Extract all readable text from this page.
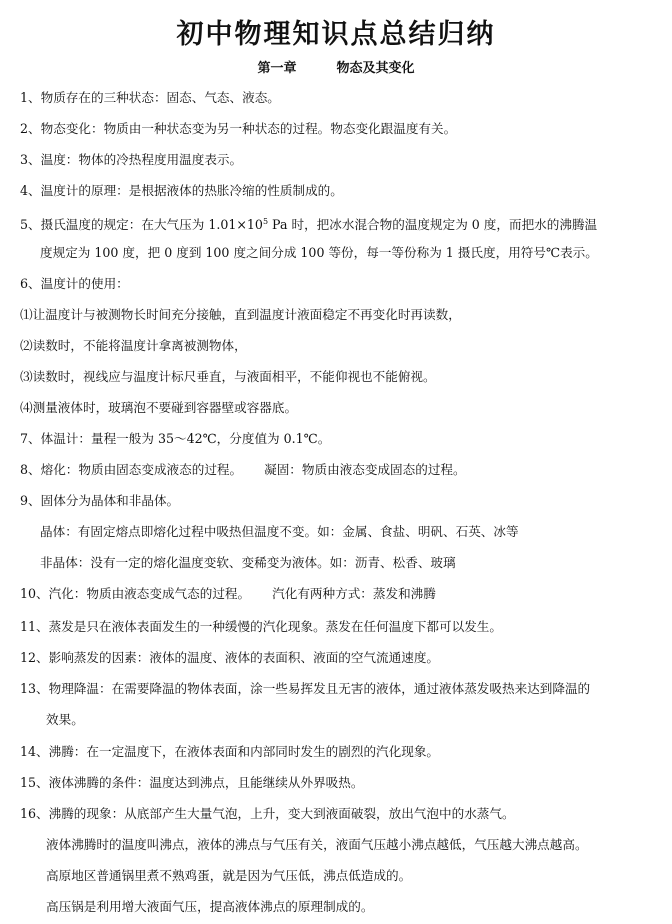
初中物理知识点总结归纳
第一章	物态及其变化
1、物质存在的三种状态：固态、气态、液态。
2、物态变化：物质由一种状态变为另一种状态的过程。物态变化跟温度有关。
3、温度：物体的冷热程度用温度表示。
4、温度计的原理：是根据液体的热胀冷缩的性质制成的。
5、摄氏温度的规定：在大气压为 $1.01\times 10^5$ Pa 时，把冰水混合物的温度规定为 0 度，而把水的沸腾温
度规定为 100 度，把 0 度到 100 度之间分成 100 等份，每一等份称为 1 摄氏度，用符号℃表示。
6、温度计的使用：
⑴让温度计与被测物长时间充分接触，直到温度计液面稳定不再变化时再读数，
⑵读数时，不能将温度计拿离被测物体，
⑶读数时，视线应与温度计标尺垂直，与液面相平，不能仰视也不能俯视。
⑷测量液体时，玻璃泡不要碰到容器壁或容器底。
7、体温计：量程一般为 35～42℃，分度值为 0.1℃。
8、熔化：物质由固态变成液态的过程。 凝固：物质由液态变成固态的过程。
9、固体分为晶体和非晶体。
晶体：有固定熔点即熔化过程中吸热但温度不变。如：金属、食盐、明矾、石英、冰等
非晶体：没有一定的熔化温度变软、变稀变为液体。如：沥青、松香、玻璃
10、汽化：物质由液态变成气态的过程。 汽化有两种方式：蒸发和沸腾
11、蒸发是只在液体表面发生的一种缓慢的汽化现象。蒸发在任何温度下都可以发生。
12、影响蒸发的因素：液体的温度、液体的表面积、液面的空气流通速度。
13、物理降温：在需要降温的物体表面，涂一些易挥发且无害的液体，通过液体蒸发吸热来达到降温的
效果。
14、沸腾：在一定温度下，在液体表面和内部同时发生的剧烈的汽化现象。
15、液体沸腾的条件：温度达到沸点，且能继续从外界吸热。
16、沸腾的现象：从底部产生大量气泡，上升，变大到液面破裂，放出气泡中的水蒸气。
液体沸腾时的温度叫沸点，液体的沸点与气压有关，液面气压越小沸点越低，气压越大沸点越高。
高原地区普通锅里煮不熟鸡蛋，就是因为气压低，沸点低造成的。
高压锅是利用增大液面气压，提高液体沸点的原理制成的。
